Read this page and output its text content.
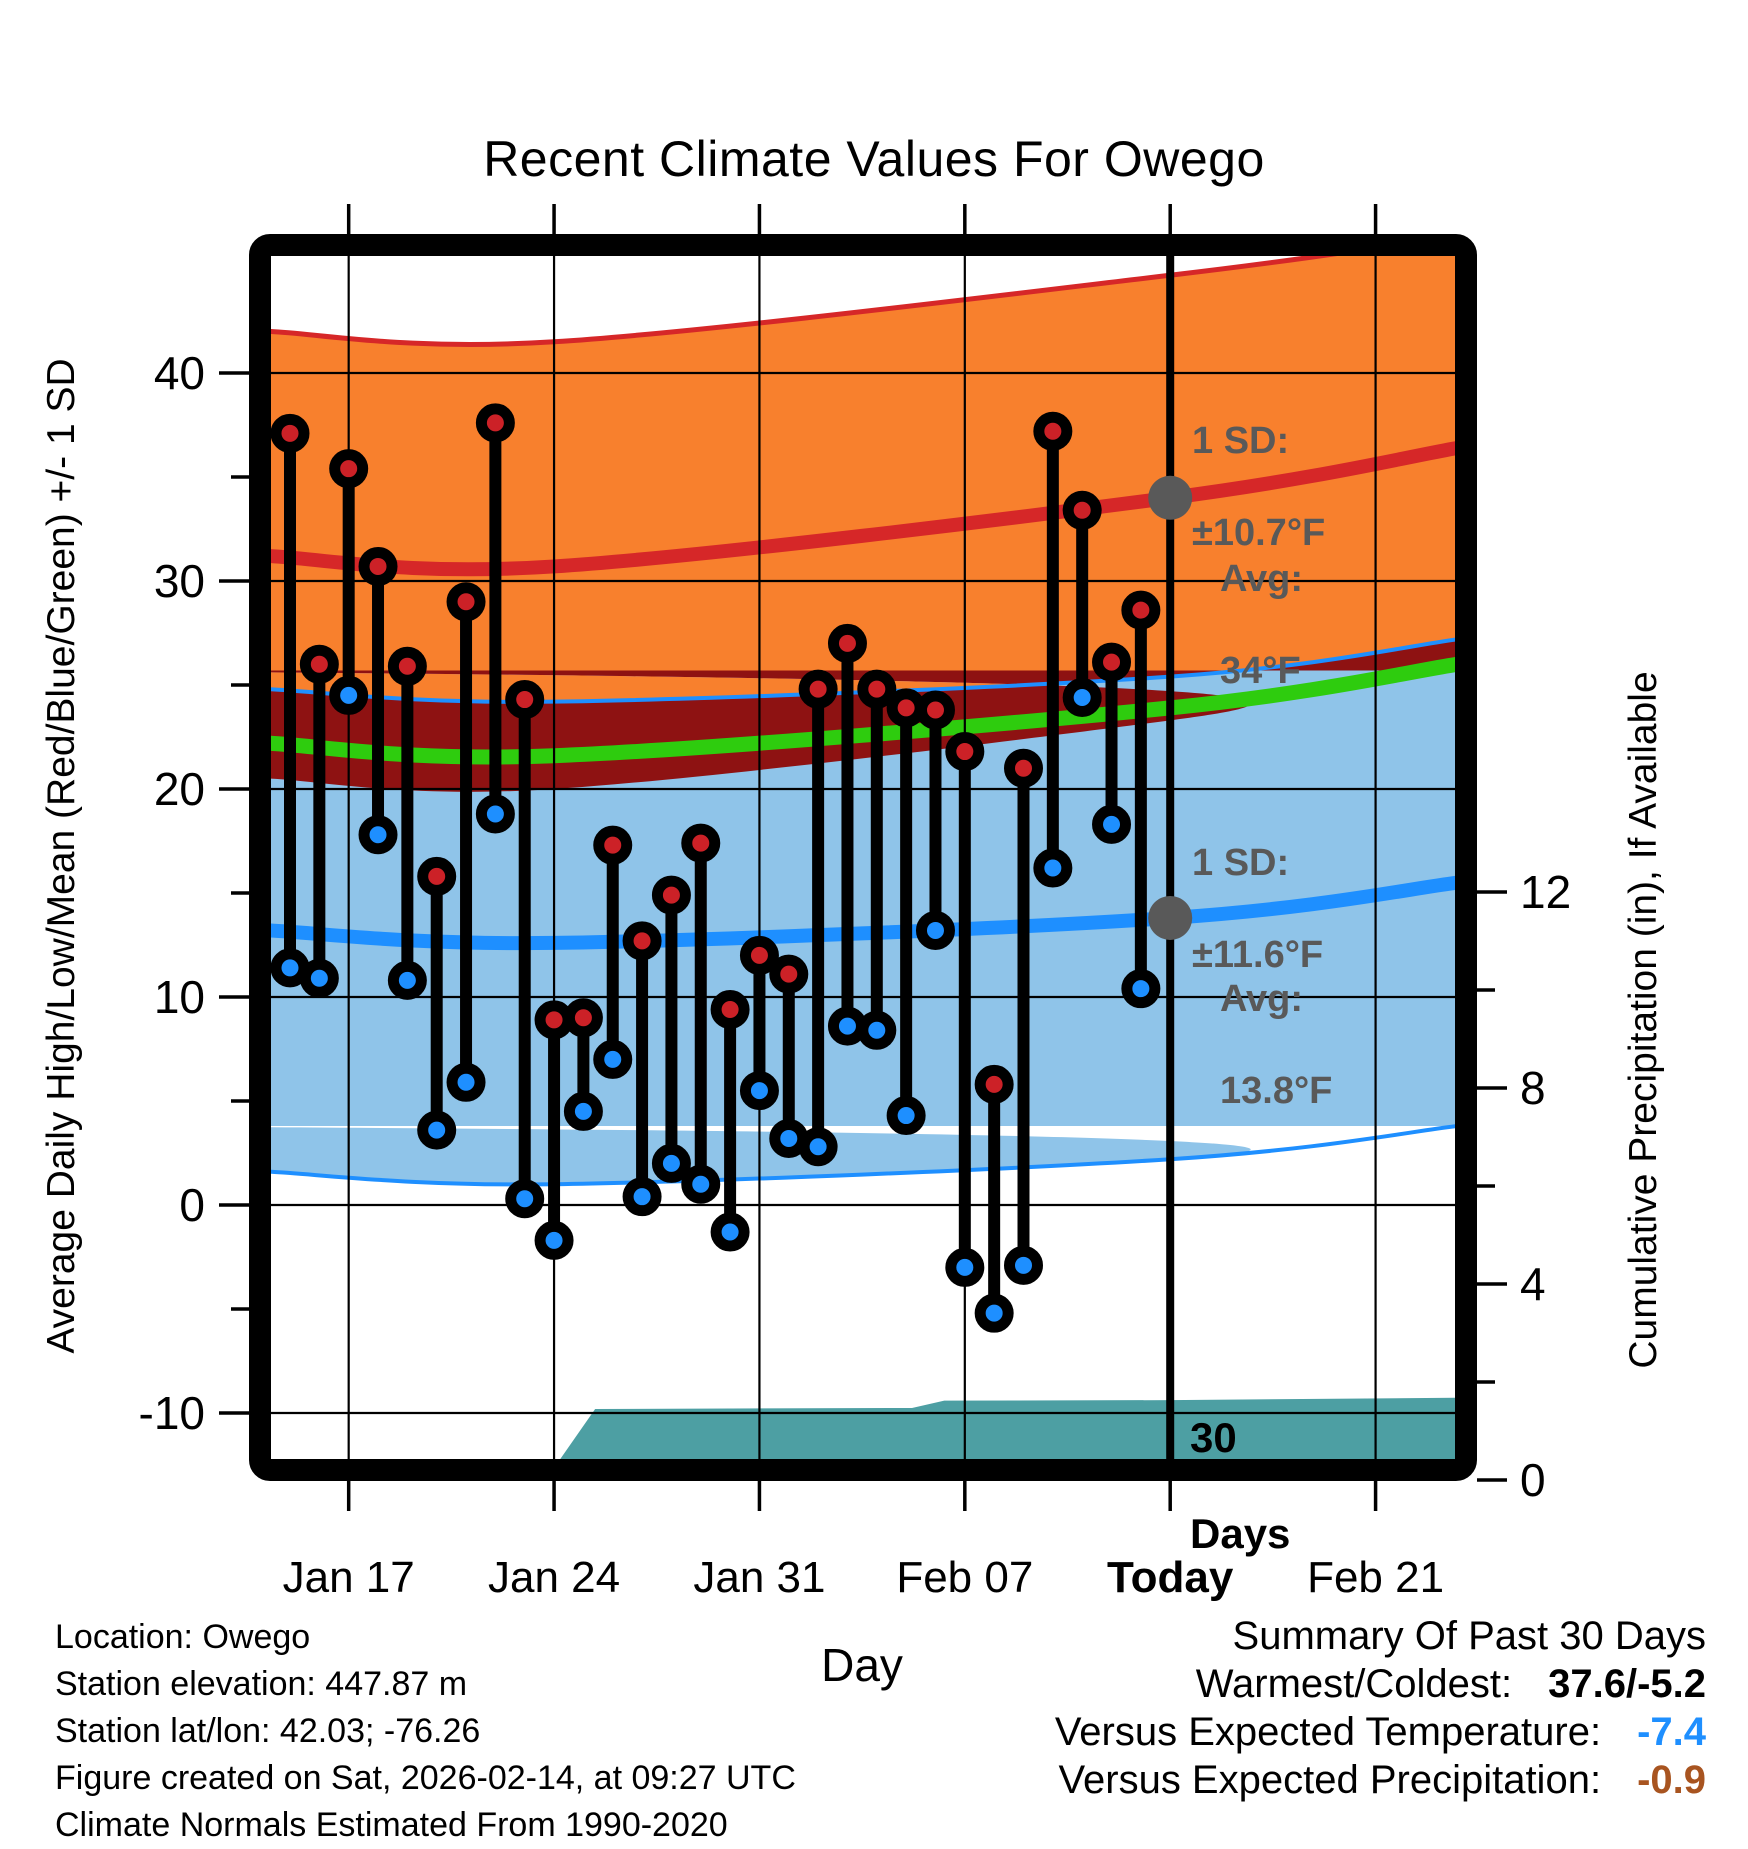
40
30
20
10
0
-10
0
4
8
12
Jan 17 Jan 24 Jan 31 Feb 07 Today Feb 21
Recent Climate Values For Owego
Average Daily High/Low/Mean (Red/Blue/Green) +/- 1 SD	Cumulative Precipitation (in), If Available
Day

1 SD:

±10.7°F

Avg:

34°F

1 SD:

±11.6°F

Avg:

13.8°F

30

Days

Location: Owego
Station elevation: 447.87 m
Station lat/lon: 42.03; -76.26
Figure created on Sat, 2026-02-14, at 09:27 UTC
Climate Normals Estimated From 1990-2020
Summary Of Past 30 Days
Warmest/Coldest: 37.6/-5.2
Versus Expected Temperature: -7.4
Versus Expected Precipitation: -0.9
